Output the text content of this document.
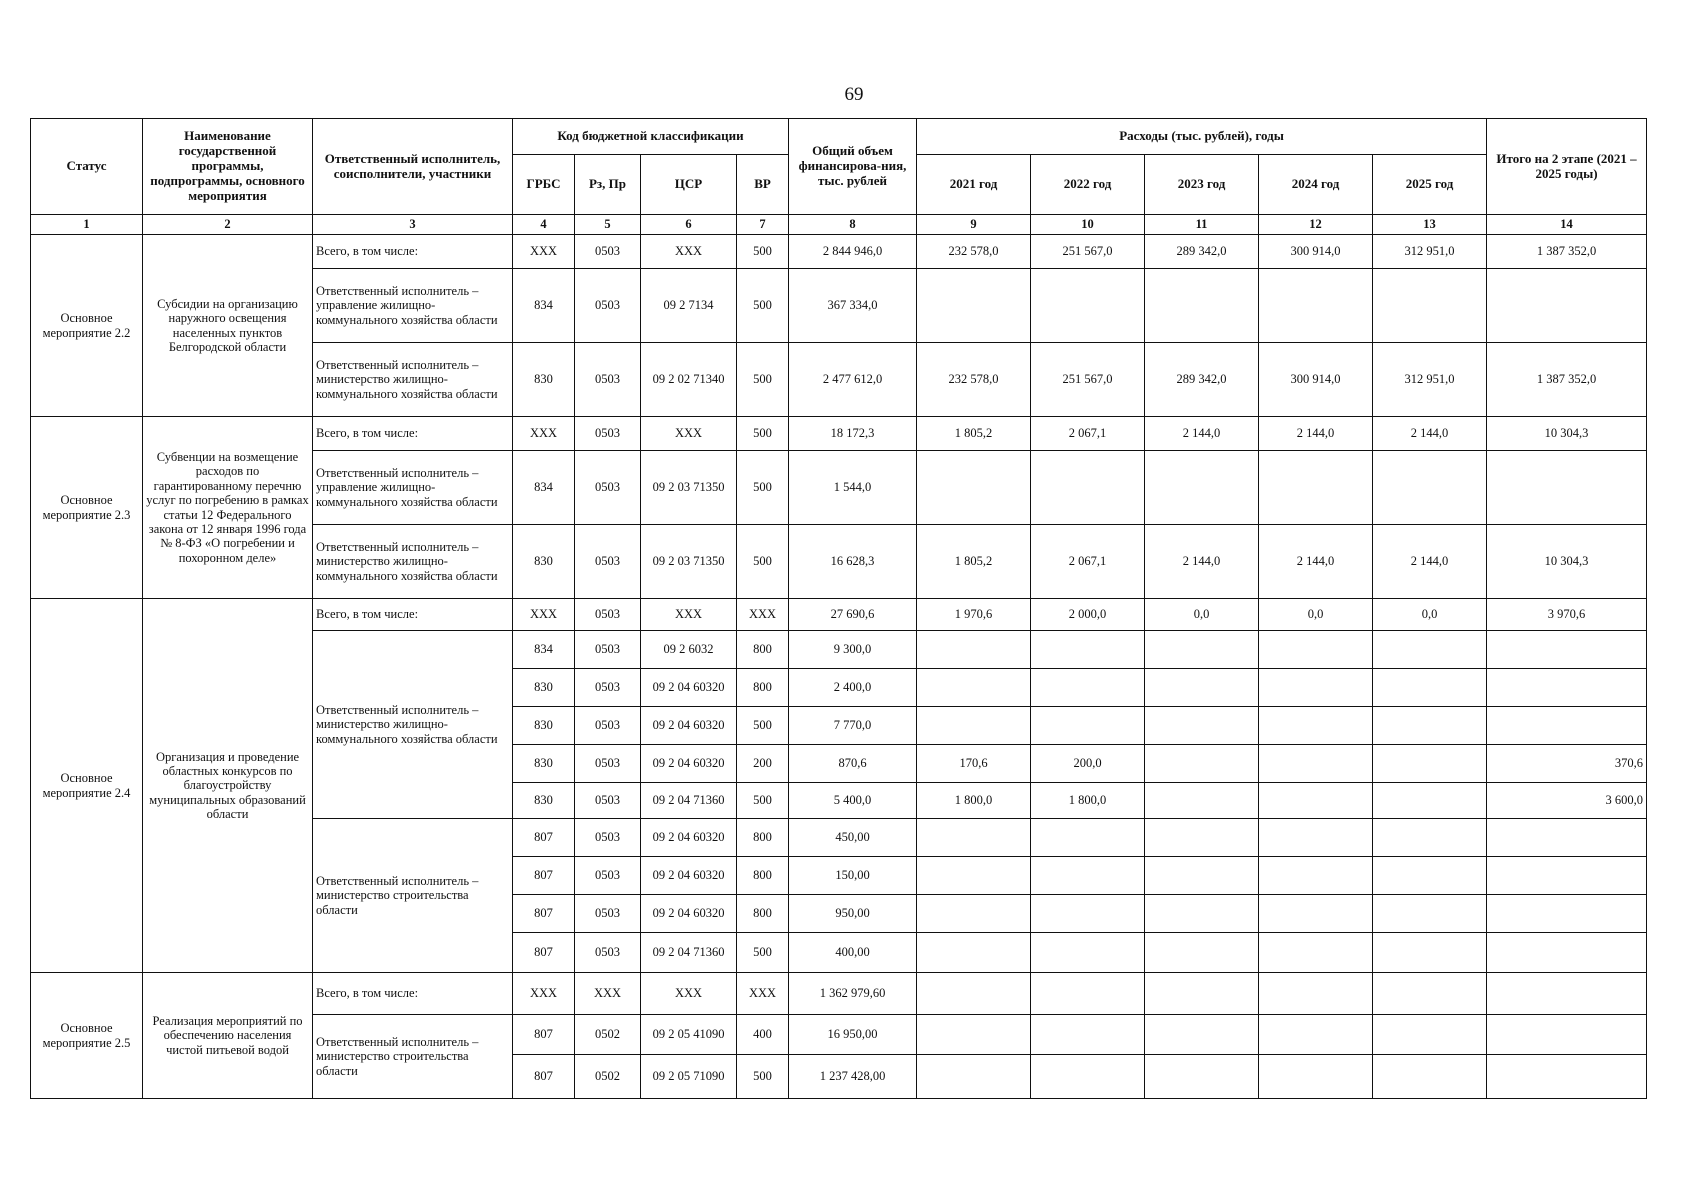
69
Статус	Наименование государственной программы, подпрограммы, основного мероприятия	Ответственный исполнитель, соисполнители, участники	Код бюджетной классификации				Общий объем финансирова-ния, тыс. рублей	Расходы (тыс. рублей), годы					Итого на 2 этапе (2021 – 2025 годы)
			ГРБС	Рз, Пр	ЦСР	ВР		2021 год	2022 год	2023 год	2024 год	2025 год	
1	2	3	4	5	6	7	8	9	10	11	12	13	14
Основное мероприятие 2.2	Субсидии на организацию наружного освещения населенных пунктов Белгородской области	Всего, в том числе:	XXX	0503	XXX	500	2 844 946,0	232 578,0	251 567,0	289 342,0	300 914,0	312 951,0	1 387 352,0
		Ответственный исполнитель – управление жилищно-коммунального хозяйства области	834	0503	09 2 7134	500	367 334,0						
		Ответственный исполнитель – министерство жилищно-коммунального хозяйства области	830	0503	09 2 02 71340	500	2 477 612,0	232 578,0	251 567,0	289 342,0	300 914,0	312 951,0	1 387 352,0
Основное мероприятие 2.3	Субвенции на возмещение расходов по гарантированному перечню услуг по погребению в рамках статьи 12 Федерального закона от 12 января 1996 года № 8-ФЗ «О погребении и похоронном деле»	Всего, в том числе:	XXX	0503	XXX	500	18 172,3	1 805,2	2 067,1	2 144,0	2 144,0	2 144,0	10 304,3
		Ответственный исполнитель – управление жилищно-коммунального хозяйства области	834	0503	09 2 03 71350	500	1 544,0						
		Ответственный исполнитель – министерство жилищно-коммунального хозяйства области	830	0503	09 2 03 71350	500	16 628,3	1 805,2	2 067,1	2 144,0	2 144,0	2 144,0	10 304,3
Основное мероприятие 2.4	Организация и проведение областных конкурсов по благоустройству муниципальных образований области	Всего, в том числе:	XXX	0503	XXX	XXX	27 690,6	1 970,6	2 000,0	0,0	0,0	0,0	3 970,6
		Ответственный исполнитель – министерство жилищно-коммунального хозяйства области	834	0503	09 2 6032	800	9 300,0						
			830	0503	09 2 04 60320	800	2 400,0						
			830	0503	09 2 04 60320	500	7 770,0						
			830	0503	09 2 04 60320	200	870,6	170,6	200,0				370,6
			830	0503	09 2 04 71360	500	5 400,0	1 800,0	1 800,0				3 600,0
		Ответственный исполнитель – министерство строительства области	807	0503	09 2 04 60320	800	450,00						
			807	0503	09 2 04 60320	800	150,00						
			807	0503	09 2 04 60320	800	950,00						
			807	0503	09 2 04 71360	500	400,00						
Основное мероприятие 2.5	Реализация мероприятий по обеспечению населения чистой питьевой водой	Всего, в том числе:	XXX	XXX	XXX	XXX	1 362 979,60						
		Ответственный исполнитель – министерство строительства области	807	0502	09 2 05 41090	400	16 950,00						
			807	0502	09 2 05 71090	500	1 237 428,00						
